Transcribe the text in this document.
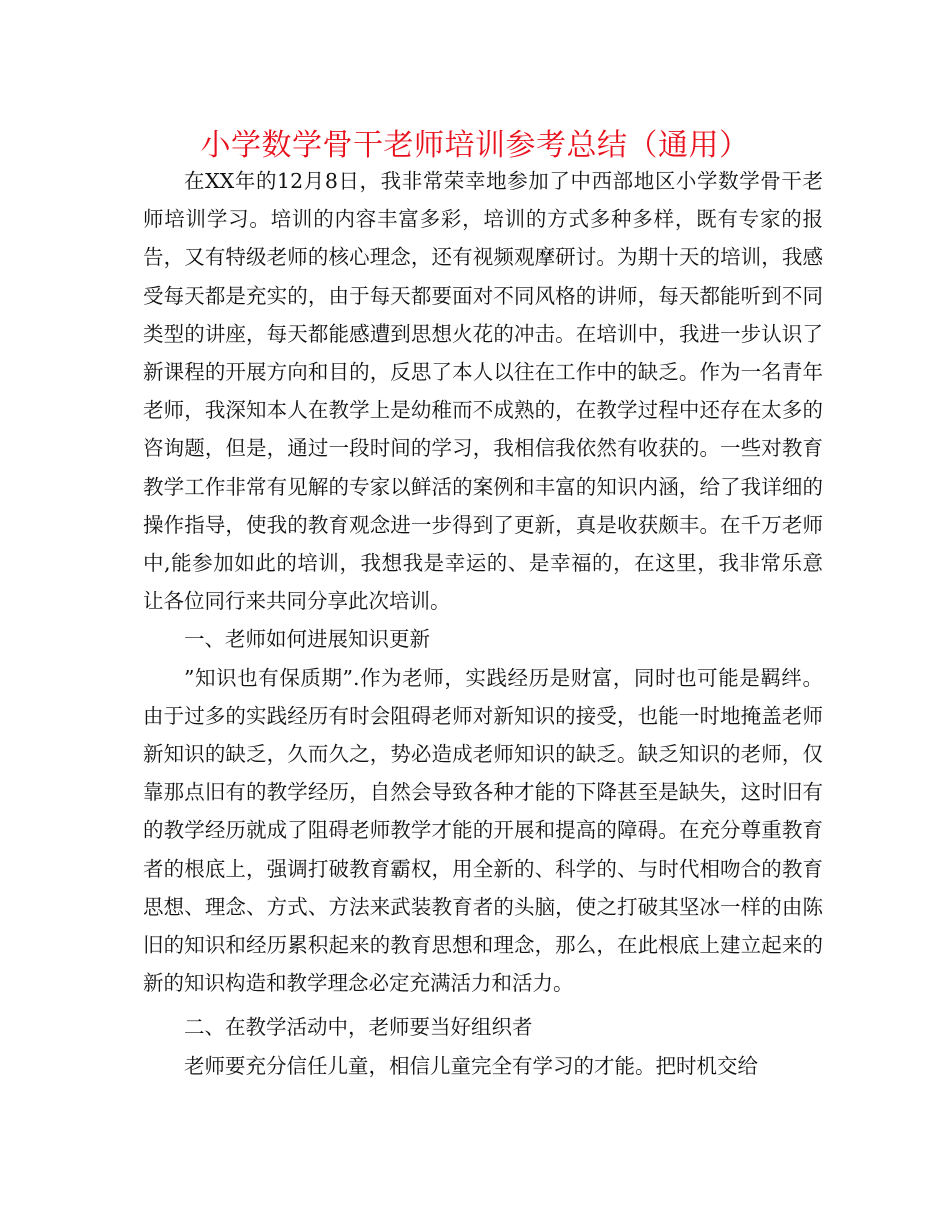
小学数学骨干老师培训参考总结（通用）

在XX年的12月8日，我非常荣幸地参加了中西部地区小学数学骨干老师培训学习。培训的内容丰富多彩，培训的方式多种多样，既有专家的报告，又有特级老师的核心理念，还有视频观摩研讨。为期十天的培训，我感受每天都是充实的，由于每天都要面对不同风格的讲师，每天都能听到不同类型的讲座，每天都能感遭到思想火花的冲击。在培训中，我进一步认识了新课程的开展方向和目的，反思了本人以往在工作中的缺乏。作为一名青年老师，我深知本人在教学上是幼稚而不成熟的，在教学过程中还存在太多的咨询题，但是，通过一段时间的学习，我相信我依然有收获的。一些对教育教学工作非常有见解的专家以鲜活的案例和丰富的知识内涵，给了我详细的操作指导，使我的教育观念进一步得到了更新，真是收获颇丰。在千万老师中,能参加如此的培训，我想我是幸运的、是幸福的，在这里，我非常乐意让各位同行来共同分享此次培训。

一、老师如何进展知识更新

”知识也有保质期”.作为老师，实践经历是财富，同时也可能是羁绊。由于过多的实践经历有时会阻碍老师对新知识的接受，也能一时地掩盖老师新知识的缺乏，久而久之，势必造成老师知识的缺乏。缺乏知识的老师，仅靠那点旧有的教学经历，自然会导致各种才能的下降甚至是缺失，这时旧有的教学经历就成了阻碍老师教学才能的开展和提高的障碍。在充分尊重教育者的根底上，强调打破教育霸权，用全新的、科学的、与时代相吻合的教育思想、理念、方式、方法来武装教育者的头脑，使之打破其坚冰一样的由陈旧的知识和经历累积起来的教育思想和理念，那么，在此根底上建立起来的新的知识构造和教学理念必定充满活力和活力。

二、在教学活动中，老师要当好组织者

老师要充分信任儿童，相信儿童完全有学习的才能。把时机交给
